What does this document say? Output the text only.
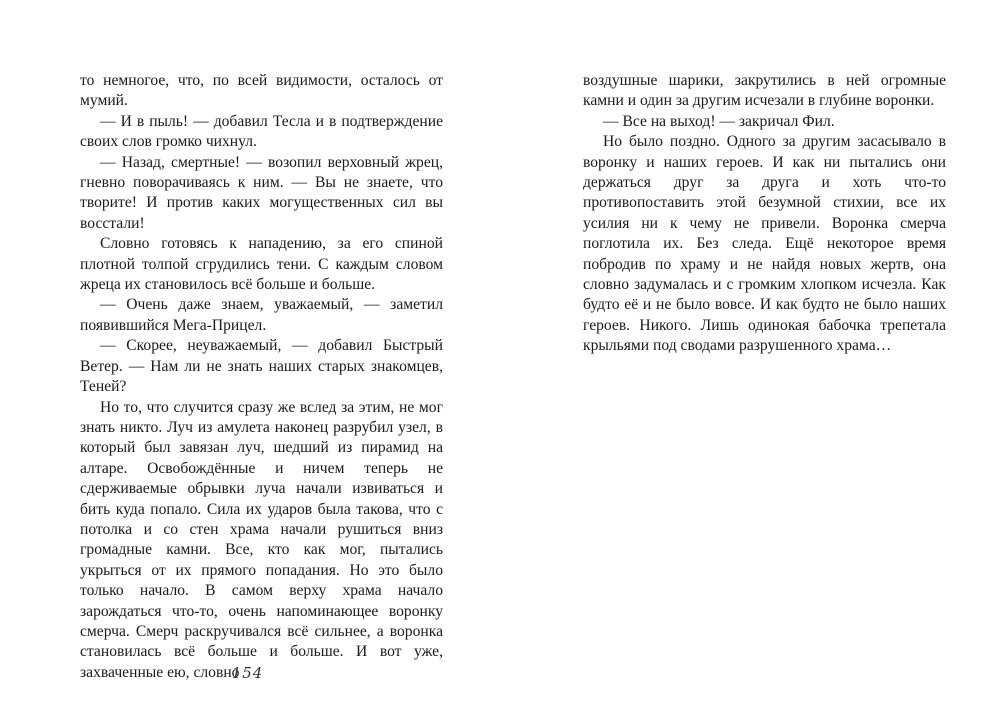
то немногое, что, по всей видимости, осталось от мумий.

— И в пыль! — добавил Тесла и в подтверждение своих слов громко чихнул.

— Назад, смертные! — возопил верховный жрец, гневно поворачиваясь к ним. — Вы не знаете, что творите! И против каких могущественных сил вы восстали!

Словно готовясь к нападению, за его спиной плотной толпой сгрудились тени. С каждым словом жреца их становилось всё больше и больше.

— Очень даже знаем, уважаемый, — заметил появившийся Мега-Прицел.

— Скорее, неуважаемый, — добавил Быстрый Ветер. — Нам ли не знать наших старых знакомцев, Теней?

Но то, что случится сразу же вслед за этим, не мог знать никто. Луч из амулета наконец разрубил узел, в который был завязан луч, шедший из пирамид на алтаре. Освобождённые и ничем теперь не сдерживаемые обрывки луча начали извиваться и бить куда попало. Сила их ударов была такова, что с потолка и со стен храма начали рушиться вниз громадные камни. Все, кто как мог, пытались укрыться от их прямого попадания. Но это было только начало. В самом верху храма начало зарождаться что-то, очень напоминающее воронку смерча. Смерч раскручивался всё сильнее, а воронка становилась всё больше и больше. И вот уже, захваченные ею, словно

154

воздушные шарики, закрутились в ней огромные камни и один за другим исчезали в глубине воронки.

— Все на выход! — закричал Фил.

Но было поздно. Одного за другим засасывало в воронку и наших героев. И как ни пытались они держаться друг за друга и хоть что-то противопоставить этой безумной стихии, все их усилия ни к чему не привели. Воронка смерча поглотила их. Без следа. Ещё некоторое время побродив по храму и не найдя новых жертв, она словно задумалась и с громким хлопком исчезла. Как будто её и не было вовсе. И как будто не было наших героев. Никого. Лишь одинокая бабочка трепетала крыльями под сводами разрушенного храма…
